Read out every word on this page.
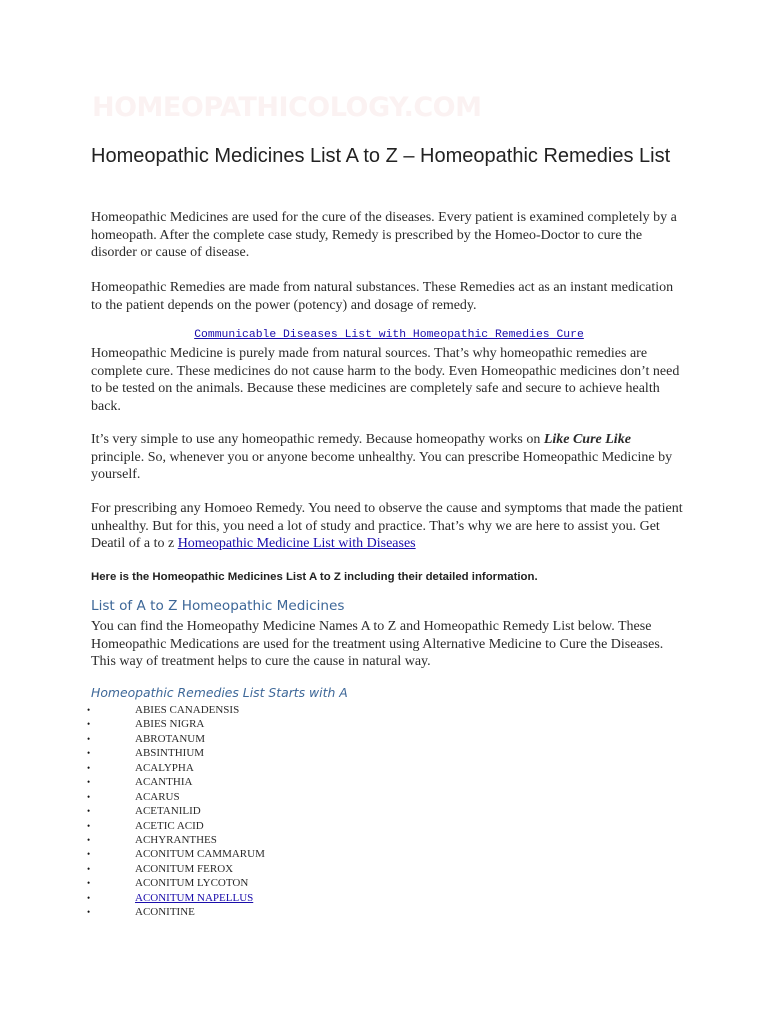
HOMEOPATHICOLOGY.COM
Homeopathic Medicines List A to Z – Homeopathic Remedies List

Homeopathic Medicines are used for the cure of the diseases. Every patient is examined completely by a homeopath. After the complete case study, Remedy is prescribed by the Homeo-Doctor to cure the disorder or cause of disease.

Homeopathic Remedies are made from natural substances. These Remedies act as an instant medication to the patient depends on the power (potency) and dosage of remedy.

Communicable Diseases List with Homeopathic Remedies Cure

Homeopathic Medicine is purely made from natural sources. That’s why homeopathic remedies are complete cure. These medicines do not cause harm to the body. Even Homeopathic medicines don’t need to be tested on the animals. Because these medicines are completely safe and secure to achieve health back.

It’s very simple to use any homeopathic remedy. Because homeopathy works on Like Cure Like principle. So, whenever you or anyone become unhealthy. You can prescribe Homeopathic Medicine by yourself.

For prescribing any Homoeo Remedy. You need to observe the cause and symptoms that made the patient unhealthy. But for this, you need a lot of study and practice. That’s why we are here to assist you. Get Deatil of a to z Homeopathic Medicine List with Diseases

Here is the Homeopathic Medicines List A to Z including their detailed information.
List of A to Z Homeopathic Medicines

You can find the Homeopathy Medicine Names A to Z and Homeopathic Remedy List below. These Homeopathic Medications are used for the treatment using Alternative Medicine to Cure the Diseases. This way of treatment helps to cure the cause in natural way.

Homeopathic Remedies List Starts with A
•	ABIES CANADENSIS
•	ABIES NIGRA
•	ABROTANUM
•	ABSINTHIUM
•	ACALYPHA
•	ACANTHIA
•	ACARUS
•	ACETANILID
•	ACETIC ACID
•	ACHYRANTHES
•	ACONITUM CAMMARUM
•	ACONITUM FEROX
•	ACONITUM LYCOTON
•	ACONITUM NAPELLUS
•	ACONITINE
